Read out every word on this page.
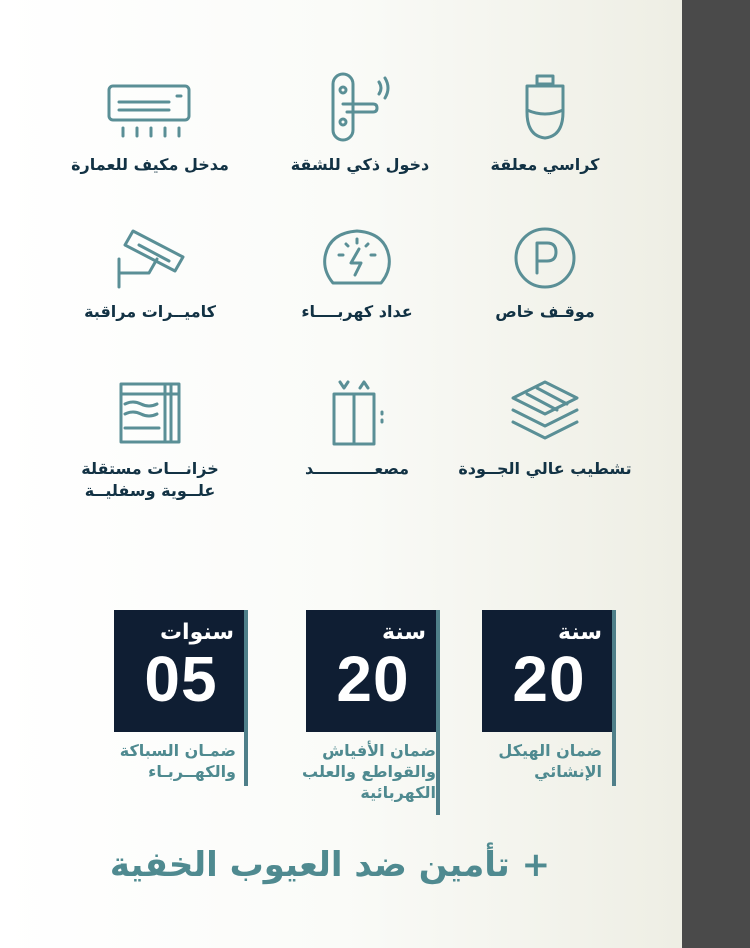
كراسي معلقة
دخول ذكي للشقة
مدخل مكيف للعمارة
موقـف خاص
عداد كهربــــاء
كاميــرات مراقبة
تشطيب عالي الجــودة
مصعـــــــــــد
خزانـــات مستقلة علــوية وسفليــة
سنة
20
ضمان الهيكل الإنشائي
سنة
20
ضمان الأفياش والقواطع والعلب الكهربائية
سنوات
05
ضمـان السباكة والكهــربـاء
+ تأمين ضد العيوب الخفية
